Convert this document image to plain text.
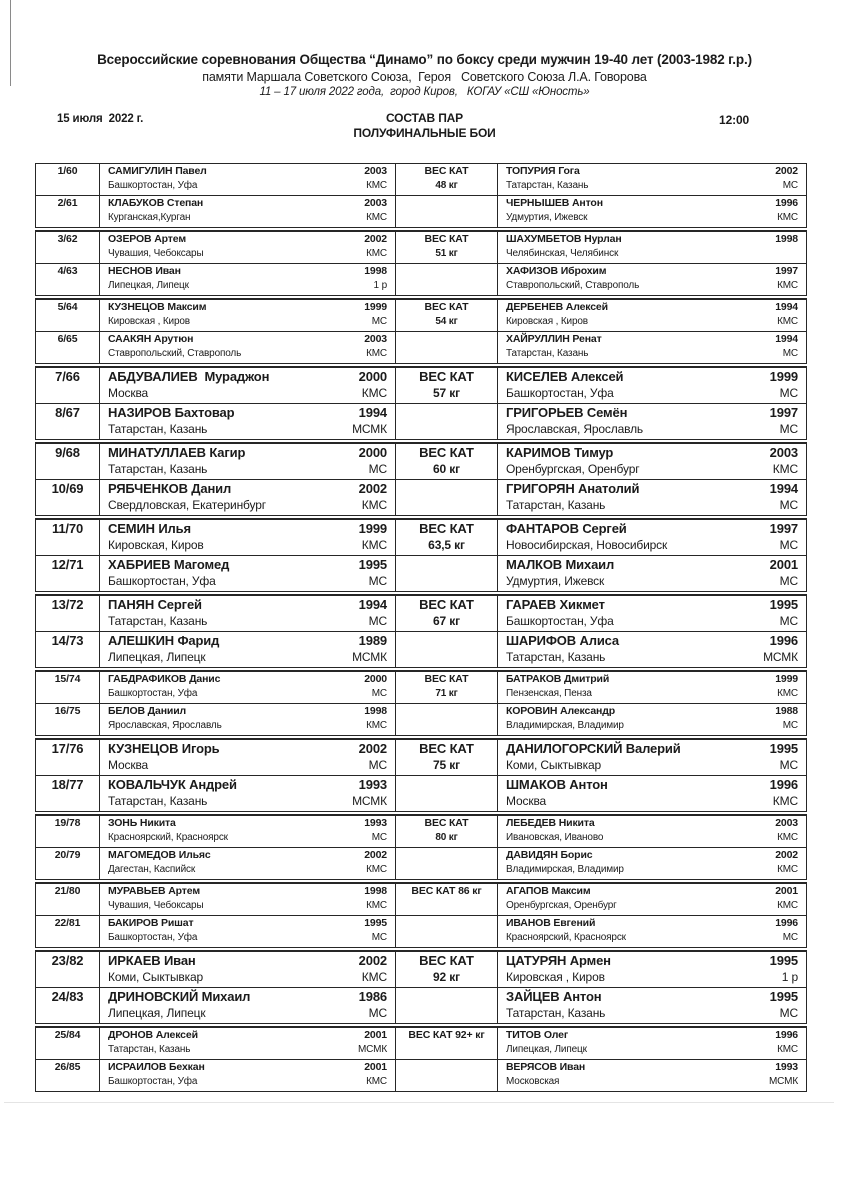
Всероссийские соревнования Общества “Динамо” по боксу среди мужчин 19-40 лет (2003-1982 г.р.)
памяти Маршала Советского Союза,  Героя   Советского Союза Л.А. Говорова
11 – 17 июля 2022 года,  город Киров,   КОГАУ «СШ «Юность»
15 июля  2022 г.	СОСТАВ ПАР
ПОЛУФИНАЛЬНЫЕ БОИ
12:00
1/60	САМИГУЛИН Павел	2003
Башкортостан, Уфа	КМС
ВЕС КАТ
48 кг
ТОПУРИЯ Гога	2002
Татарстан, Казань	МС
2/61	КЛАБУКОВ Степан	2003
Курганская,Курган	КМС
ЧЕРНЫШЕВ Антон	1996
Удмуртия, Ижевск	КМС
3/62	ОЗЕРОВ Артем	2002
Чувашия, Чебоксары	КМС
ВЕС КАТ
51 кг
ШАХУМБЕТОВ Нурлан	1998
Челябинская, Челябинск
4/63	НЕСНОВ Иван	1998
Липецкая, Липецк	1 р
ХАФИЗОВ Иброхим	1997
Ставропольский, Ставрополь	КМС
5/64	КУЗНЕЦОВ Максим	1999
Кировская , Киров	МС
ВЕС КАТ
54 кг
ДЕРБЕНЕВ Алексей	1994
Кировская , Киров	КМС
6/65	СААКЯН Арутюн	2003
Ставропольский, Ставрополь	КМС
ХАЙРУЛЛИН Ренат	1994
Татарстан, Казань	МС
7/66	АБДУВАЛИЕВ  Мураджон	2000
Москва	КМС
ВЕС КАТ
57 кг
КИСЕЛЕВ Алексей	1999
Башкортостан, Уфа	МС
8/67	НАЗИРОВ Бахтовар	1994
Татарстан, Казань	МСМК
ГРИГОРЬЕВ Семён	1997
Ярославская, Ярославль	МС
9/68	МИНАТУЛЛАЕВ Кагир	2000
Татарстан, Казань	МС
ВЕС КАТ
60 кг
КАРИМОВ Тимур	2003
Оренбургская, Оренбург	КМС
10/69	РЯБЧЕНКОВ Данил	2002
Свердловская, Екатеринбург	КМС
ГРИГОРЯН Анатолий	1994
Татарстан, Казань	МС
11/70	СЕМИН Илья	1999
Кировская, Киров	КМС
ВЕС КАТ
63,5 кг
ФАНТАРОВ Сергей	1997
Новосибирская, Новосибирск	МС
12/71	ХАБРИЕВ Магомед	1995
Башкортостан, Уфа	МС
МАЛКОВ Михаил	2001
Удмуртия, Ижевск	МС
13/72	ПАНЯН Сергей	1994
Татарстан, Казань	МС
ВЕС КАТ
67 кг
ГАРАЕВ Хикмет	1995
Башкортостан, Уфа	МС
14/73	АЛЕШКИН Фарид	1989
Липецкая, Липецк	МСМК
ШАРИФОВ Алиса	1996
Татарстан, Казань	МСМК
15/74	ГАБДРАФИКОВ Данис	2000
Башкортостан, Уфа	МС
ВЕС КАТ
71 кг
БАТРАКОВ Дмитрий	1999
Пензенская, Пенза	КМС
16/75	БЕЛОВ Даниил	1998
Ярославская, Ярославль	КМС
КОРОВИН Александр	1988
Владимирская, Владимир	МС
17/76	КУЗНЕЦОВ Игорь	2002
Москва	МС
ВЕС КАТ
75 кг
ДАНИЛОГОРСКИЙ Валерий	1995
Коми, Сыктывкар	МС
18/77	КОВАЛЬЧУК Андрей	1993
Татарстан, Казань	МСМК
ШМАКОВ Антон	1996
Москва	КМС
19/78	ЗОНЬ Никита	1993
Красноярский, Красноярск	МС
ВЕС КАТ
80 кг
ЛЕБЕДЕВ Никита	2003
Ивановская, Иваново	КМС
20/79	МАГОМЕДОВ Ильяс	2002
Дагестан, Каспийск	КМС
ДАВИДЯН Борис	2002
Владимирская, Владимир	КМС
21/80	МУРАВЬЕВ Артем	1998
Чувашия, Чебоксары	КМС
ВЕС КАТ 86 кг	АГАПОВ Максим	2001
Оренбургская, Оренбург	КМС
22/81	БАКИРОВ Ришат	1995
Башкортостан, Уфа	МС
ИВАНОВ Евгений	1996
Красноярский, Красноярск	МС
23/82	ИРКАЕВ Иван	2002
Коми, Сыктывкар	КМС
ВЕС КАТ
92 кг
ЦАТУРЯН Армен	1995
Кировская , Киров	1 р
24/83	ДРИНОВСКИЙ Михаил	1986
Липецкая, Липецк	МС
ЗАЙЦЕВ Антон	1995
Татарстан, Казань	МС
25/84	ДРОНОВ Алексей	2001
Татарстан, Казань	МСМК
ВЕС КАТ 92+ кг	ТИТОВ Олег	1996
Липецкая, Липецк	КМС
26/85	ИСРАИЛОВ Бехкан	2001
Башкортостан, Уфа	КМС
ВЕРЯСОВ Иван	1993
Московская	МСМК
